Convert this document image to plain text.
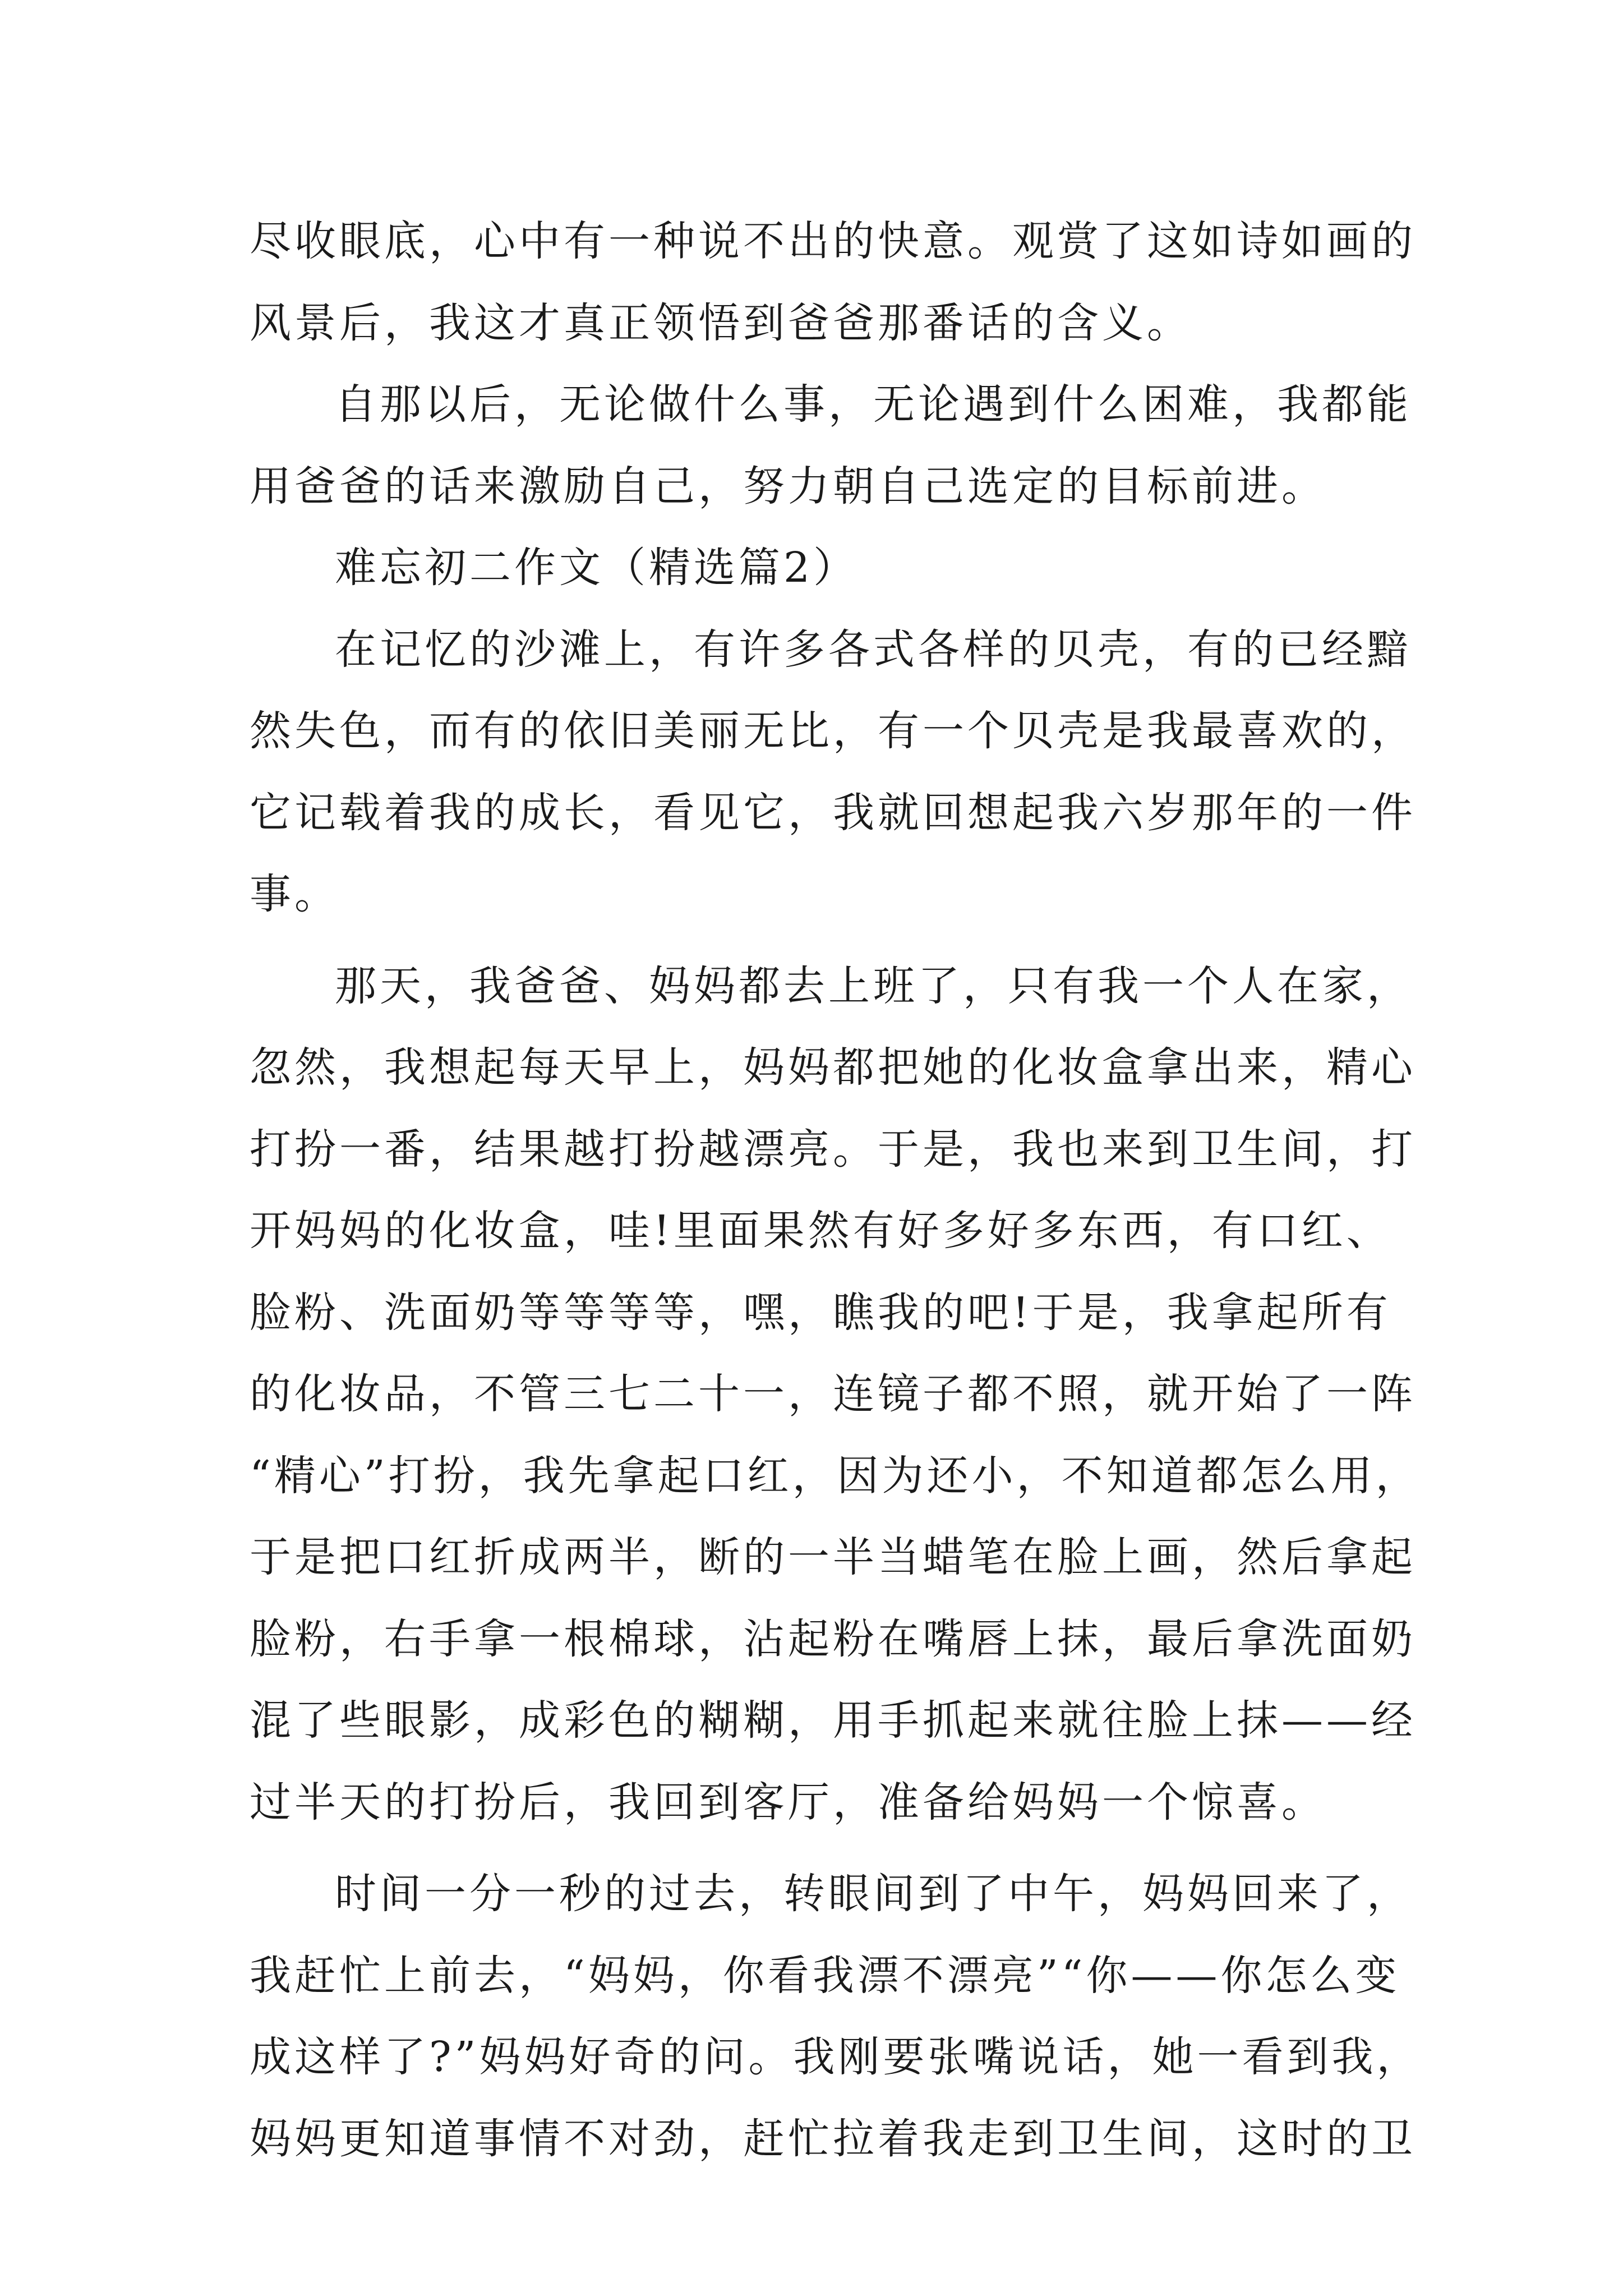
尽收眼底，心中有一种说不出的快意。观赏了这如诗如画的
风景后，我这才真正领悟到爸爸那番话的含义。
自那以后，无论做什么事，无论遇到什么困难，我都能
用爸爸的话来激励自己，努力朝自己选定的目标前进。
难忘初二作文（精选篇2）
在记忆的沙滩上，有许多各式各样的贝壳，有的已经黯
然失色，而有的依旧美丽无比，有一个贝壳是我最喜欢的，
它记载着我的成长，看见它，我就回想起我六岁那年的一件
事。
那天，我爸爸、妈妈都去上班了，只有我一个人在家，
忽然，我想起每天早上，妈妈都把她的化妆盒拿出来，精心
打扮一番，结果越打扮越漂亮。于是，我也来到卫生间，打
开妈妈的化妆盒，哇!里面果然有好多好多东西，有口红、
脸粉、洗面奶等等等等，嘿，瞧我的吧!于是，我拿起所有
的化妆品，不管三七二十一，连镜子都不照，就开始了一阵
“精心”打扮，我先拿起口红，因为还小，不知道都怎么用，
于是把口红折成两半，断的一半当蜡笔在脸上画，然后拿起
脸粉，右手拿一根棉球，沾起粉在嘴唇上抹，最后拿洗面奶
混了些眼影，成彩色的糊糊，用手抓起来就往脸上抹——经
过半天的打扮后，我回到客厅，准备给妈妈一个惊喜。
时间一分一秒的过去，转眼间到了中午，妈妈回来了，
我赶忙上前去，“妈妈，你看我漂不漂亮”“你——你怎么变
成这样了?”妈妈好奇的问。我刚要张嘴说话，她一看到我，
妈妈更知道事情不对劲，赶忙拉着我走到卫生间，这时的卫
